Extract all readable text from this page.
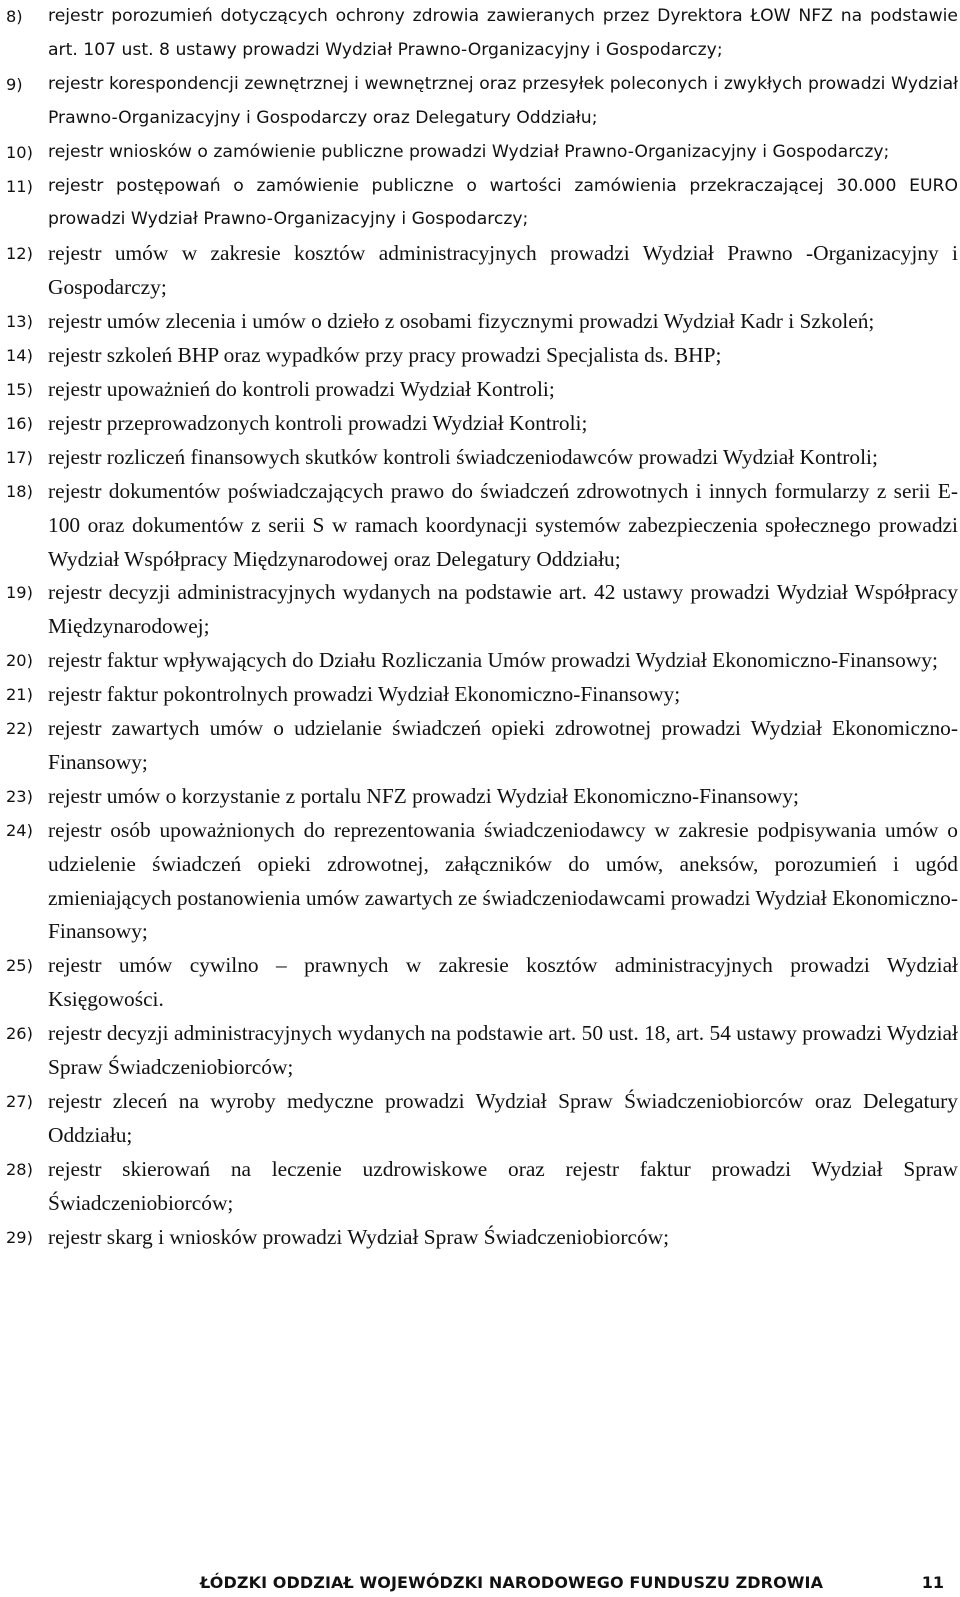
8) rejestr porozumień dotyczących ochrony zdrowia zawieranych przez Dyrektora ŁOW NFZ na podstawie art. 107 ust. 8 ustawy prowadzi Wydział Prawno-Organizacyjny i Gospodarczy;
9) rejestr korespondencji zewnętrznej i wewnętrznej oraz przesyłek poleconych i zwykłych prowadzi Wydział Prawno-Organizacyjny i Gospodarczy oraz Delegatury Oddziału;
10) rejestr wniosków o zamówienie publiczne prowadzi Wydział Prawno-Organizacyjny i Gospodarczy;
11) rejestr postępowań o zamówienie publiczne o wartości zamówienia przekraczającej 30.000 EURO prowadzi Wydział Prawno-Organizacyjny i Gospodarczy;
12) rejestr umów w zakresie kosztów administracyjnych prowadzi Wydział Prawno -Organizacyjny i Gospodarczy;
13) rejestr umów zlecenia i umów o dzieło z osobami fizycznymi prowadzi Wydział Kadr i Szkoleń;
14) rejestr szkoleń BHP oraz wypadków przy pracy prowadzi Specjalista ds. BHP;
15) rejestr upoważnień do kontroli prowadzi Wydział Kontroli;
16) rejestr przeprowadzonych kontroli prowadzi Wydział Kontroli;
17) rejestr rozliczeń finansowych skutków kontroli świadczeniodawców prowadzi Wydział Kontroli;
18) rejestr dokumentów poświadczających prawo do świadczeń zdrowotnych i innych formularzy z serii E-100 oraz dokumentów z serii S w ramach koordynacji systemów zabezpieczenia społecznego prowadzi Wydział Współpracy Międzynarodowej oraz Delegatury Oddziału;
19) rejestr decyzji administracyjnych wydanych na podstawie art. 42 ustawy prowadzi Wydział Współpracy Międzynarodowej;
20) rejestr faktur wpływających do Działu Rozliczania Umów prowadzi Wydział Ekonomiczno-Finansowy;
21) rejestr faktur pokontrolnych prowadzi Wydział Ekonomiczno-Finansowy;
22) rejestr zawartych umów o udzielanie świadczeń opieki zdrowotnej prowadzi Wydział Ekonomiczno-Finansowy;
23) rejestr umów o korzystanie z portalu NFZ prowadzi Wydział Ekonomiczno-Finansowy;
24) rejestr osób upoważnionych do reprezentowania świadczeniodawcy w zakresie podpisywania umów o udzielenie świadczeń opieki zdrowotnej, załączników do umów, aneksów, porozumień i ugód zmieniających postanowienia umów zawartych ze świadczeniodawcami prowadzi Wydział Ekonomiczno-Finansowy;
25) rejestr umów cywilno – prawnych w zakresie kosztów administracyjnych prowadzi Wydział Księgowości.
26) rejestr decyzji administracyjnych wydanych na podstawie art. 50 ust. 18, art. 54 ustawy prowadzi Wydział Spraw Świadczeniobiorców;
27) rejestr zleceń na wyroby medyczne prowadzi Wydział Spraw Świadczeniobiorców oraz Delegatury Oddziału;
28) rejestr skierowań na leczenie uzdrowiskowe oraz rejestr faktur prowadzi Wydział Spraw Świadczeniobiorców;
29) rejestr skarg i wniosków prowadzi Wydział Spraw Świadczeniobiorców;
ŁÓDZKI ODDZIAŁ WOJEWÓDZKI NARODOWEGO FUNDUSZU ZDROWIA	11
